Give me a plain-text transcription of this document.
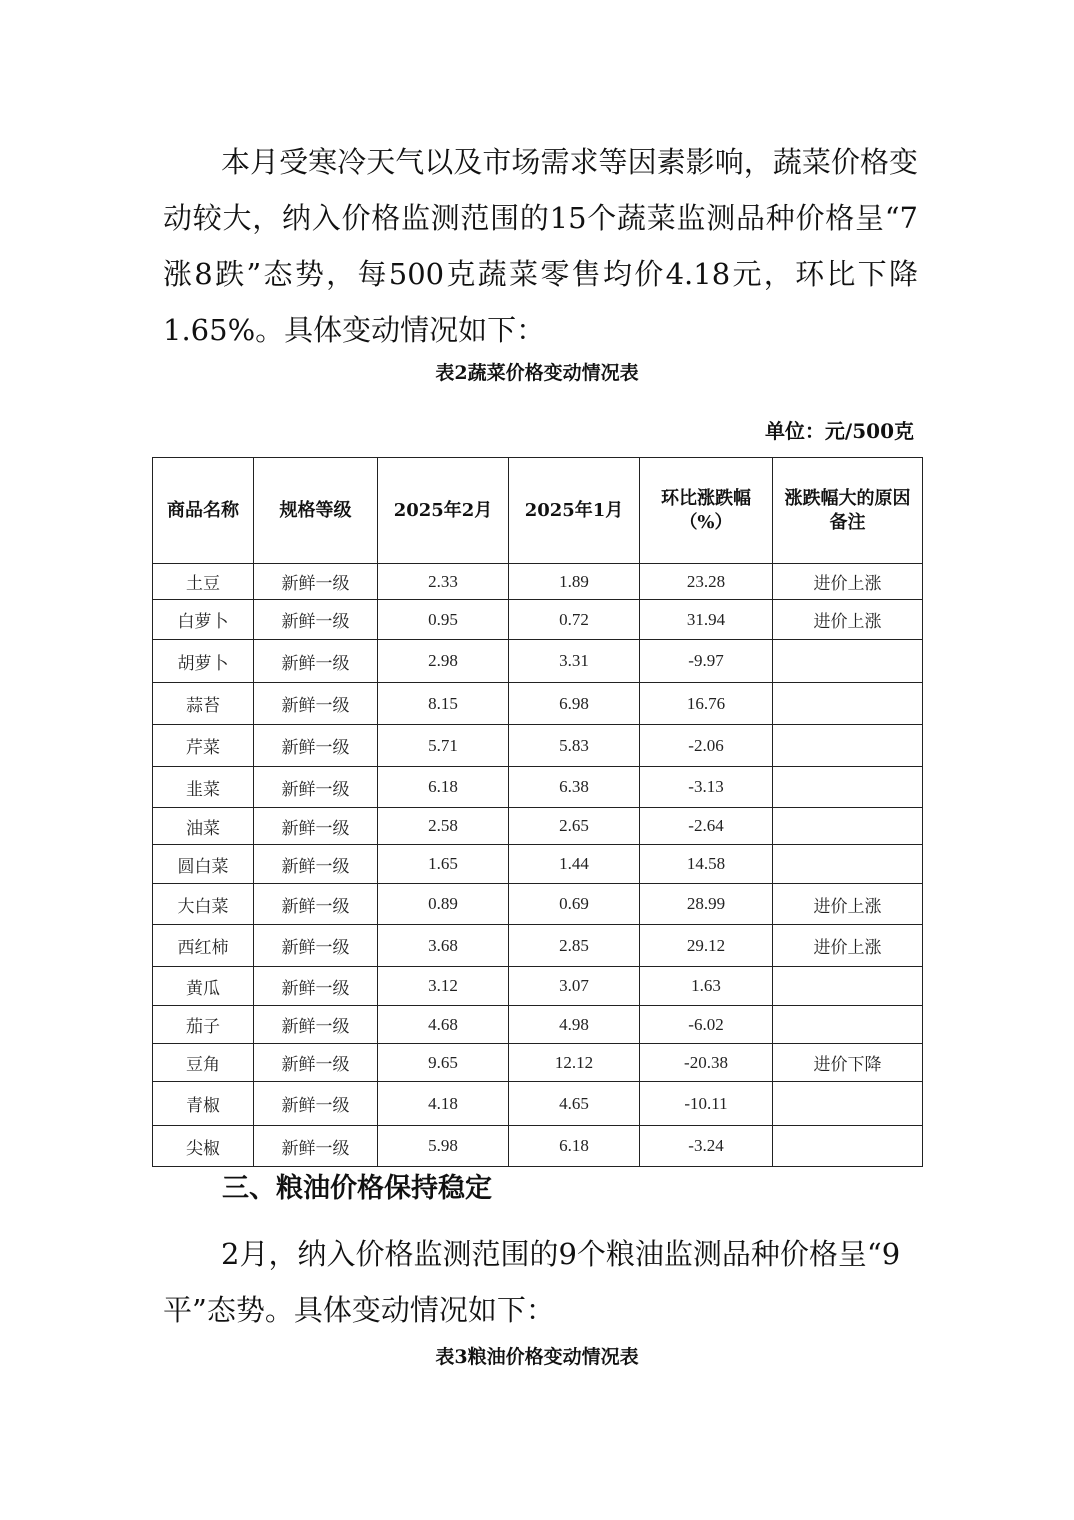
本月受寒冷天气以及市场需求等因素影响，蔬菜价格变动较大，纳入价格监测范围的15个蔬菜监测品种价格呈“7涨8跌”态势，每500克蔬菜零售均价4.18元，环比下降1.65%。具体变动情况如下：

表2蔬菜价格变动情况表
单位：元/500克
商品名称	规格等级	2025年2月	2025年1月	环比涨跌幅（%）	涨跌幅大的原因备注
土豆	新鲜一级	2.33	1.89	23.28	进价上涨
白萝卜	新鲜一级	0.95	0.72	31.94	进价上涨
胡萝卜	新鲜一级	2.98	3.31	-9.97	
蒜苔	新鲜一级	8.15	6.98	16.76	
芹菜	新鲜一级	5.71	5.83	-2.06	
韭菜	新鲜一级	6.18	6.38	-3.13	
油菜	新鲜一级	2.58	2.65	-2.64	
圆白菜	新鲜一级	1.65	1.44	14.58	
大白菜	新鲜一级	0.89	0.69	28.99	进价上涨
西红柿	新鲜一级	3.68	2.85	29.12	进价上涨
黄瓜	新鲜一级	3.12	3.07	1.63	
茄子	新鲜一级	4.68	4.98	-6.02	
豆角	新鲜一级	9.65	12.12	-20.38	进价下降
青椒	新鲜一级	4.18	4.65	-10.11	
尖椒	新鲜一级	5.98	6.18	-3.24	
三、粮油价格保持稳定

2月，纳入价格监测范围的9个粮油监测品种价格呈“9平”态势。具体变动情况如下：

表3粮油价格变动情况表
